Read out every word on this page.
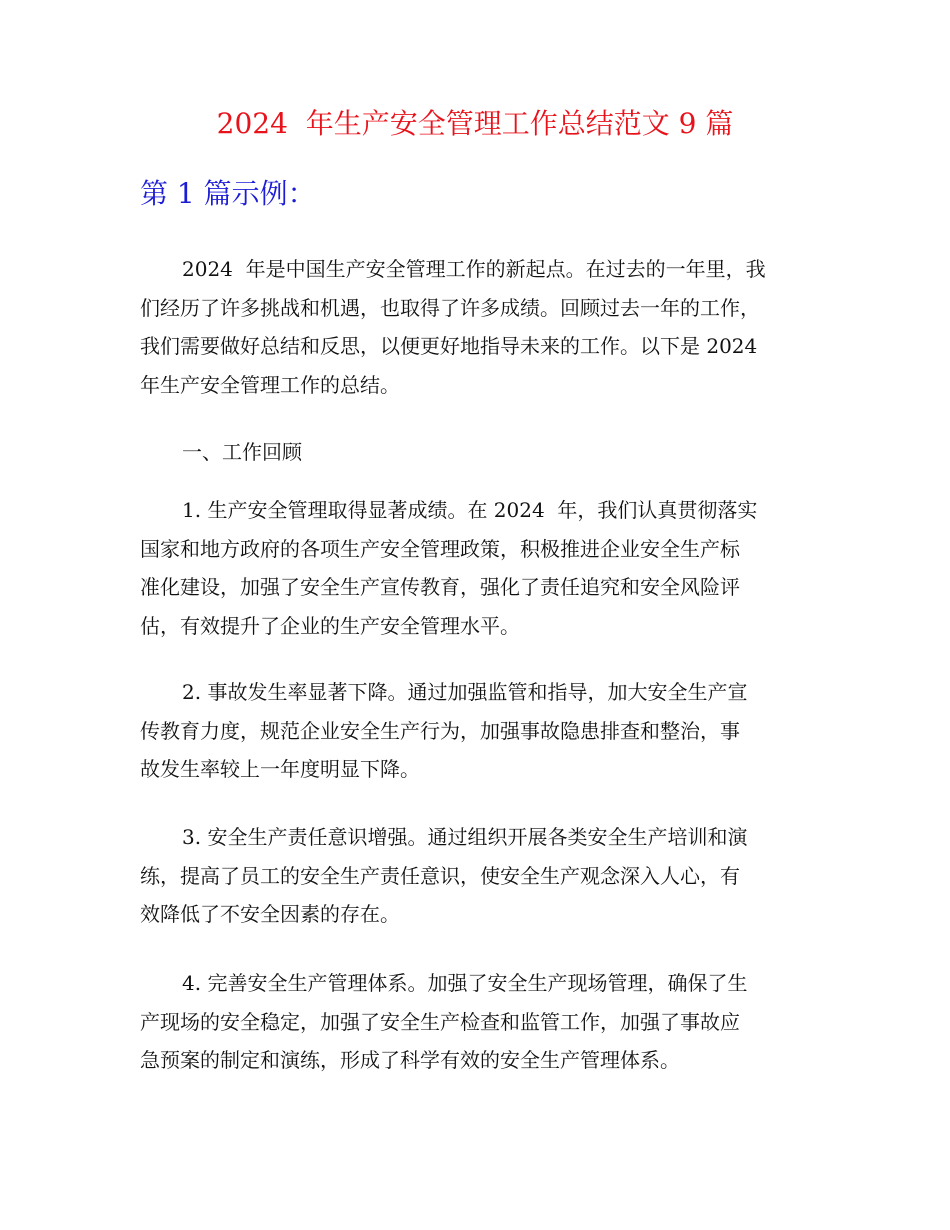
2024  年生产安全管理工作总结范文 9 篇
第 1 篇示例：
2024  年是中国生产安全管理工作的新起点。在过去的一年里，我
们经历了许多挑战和机遇，也取得了许多成绩。回顾过去一年的工作，
我们需要做好总结和反思，以便更好地指导未来的工作。以下是 2024
年生产安全管理工作的总结。
一、工作回顾
1. 生产安全管理取得显著成绩。在 2024  年，我们认真贯彻落实
国家和地方政府的各项生产安全管理政策，积极推进企业安全生产标
准化建设，加强了安全生产宣传教育，强化了责任追究和安全风险评
估，有效提升了企业的生产安全管理水平。
2. 事故发生率显著下降。通过加强监管和指导，加大安全生产宣
传教育力度，规范企业安全生产行为，加强事故隐患排查和整治，事
故发生率较上一年度明显下降。
3. 安全生产责任意识增强。通过组织开展各类安全生产培训和演
练，提高了员工的安全生产责任意识，使安全生产观念深入人心，有
效降低了不安全因素的存在。
4. 完善安全生产管理体系。加强了安全生产现场管理，确保了生
产现场的安全稳定，加强了安全生产检查和监管工作，加强了事故应
急预案的制定和演练，形成了科学有效的安全生产管理体系。
